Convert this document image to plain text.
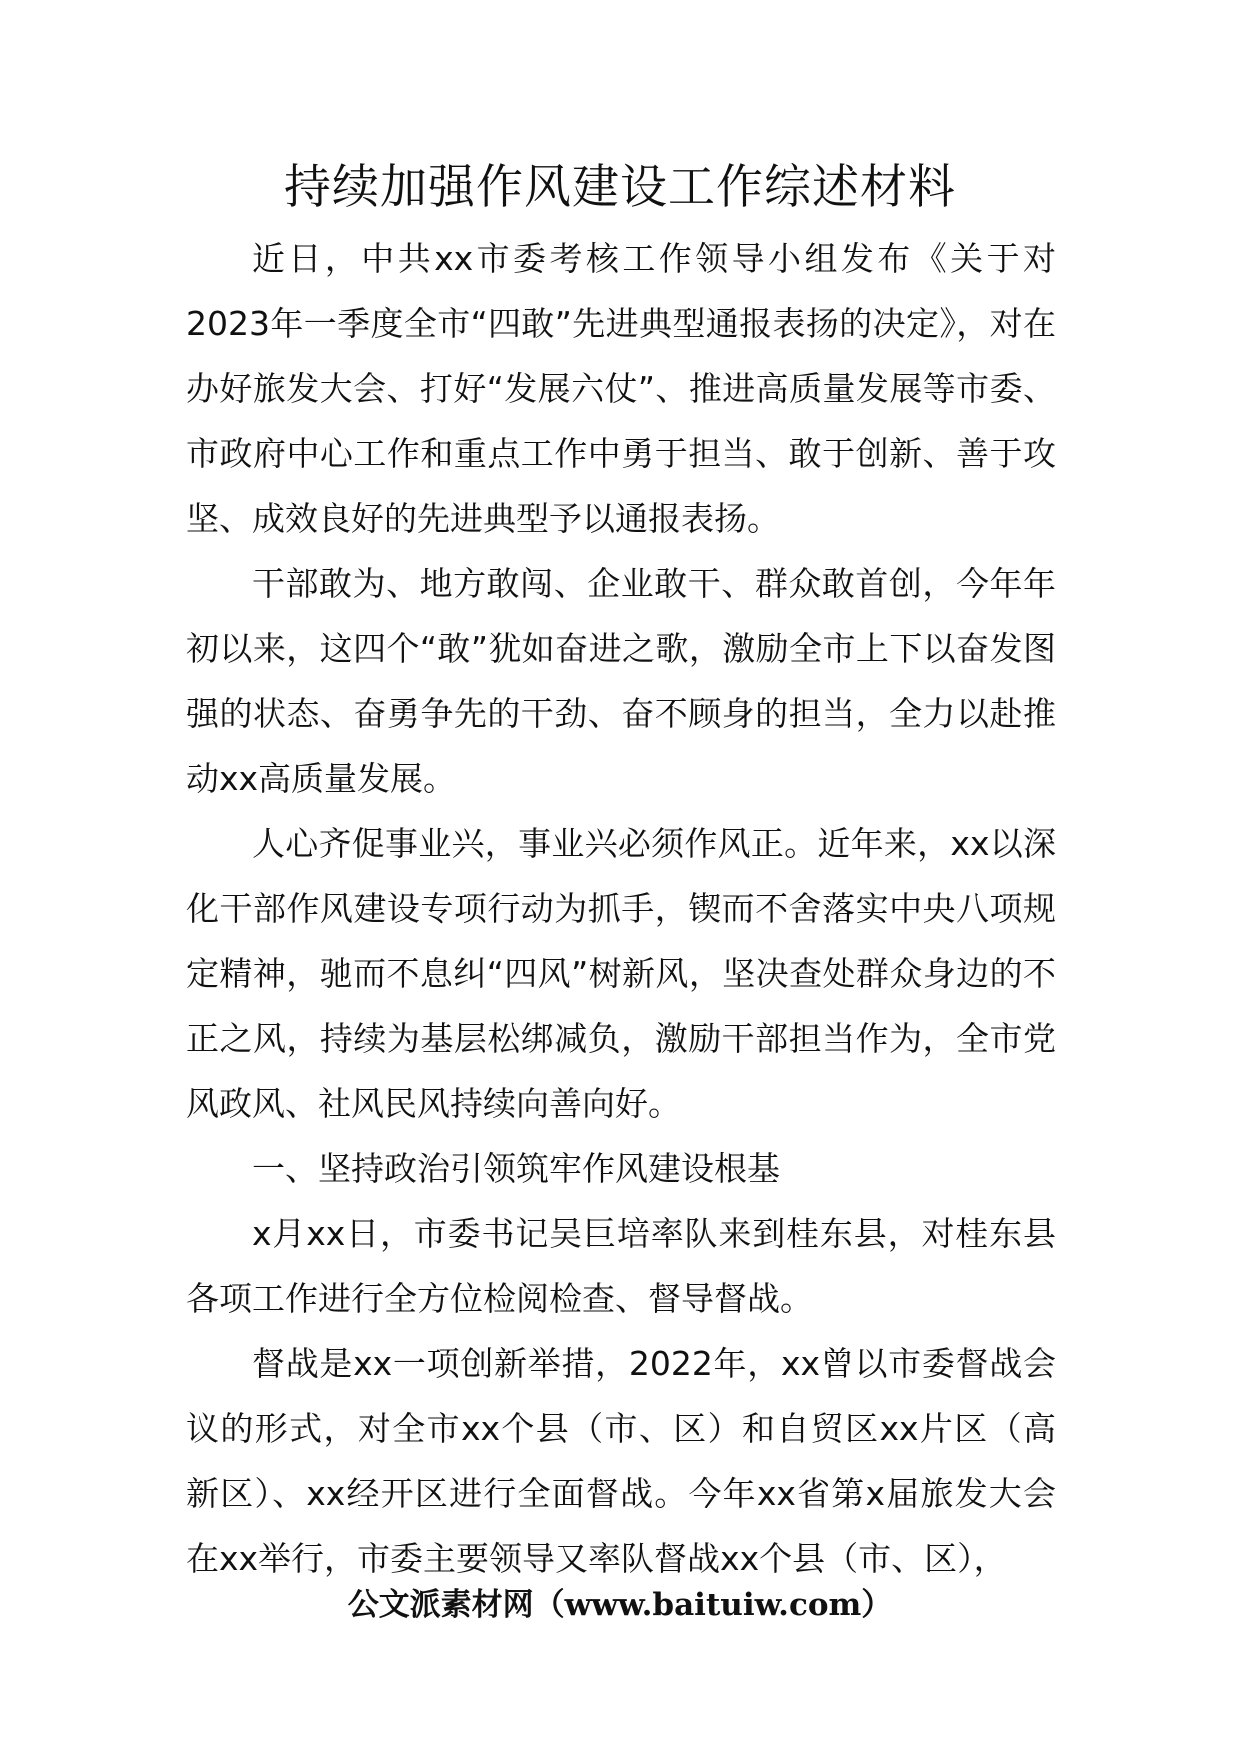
持续加强作风建设工作综述材料

近日，中共xx市委考核工作领导小组发布《关于对2023年一季度全市“四敢”先进典型通报表扬的决定》，对在办好旅发大会、打好“发展六仗”、推进高质量发展等市委、市政府中心工作和重点工作中勇于担当、敢于创新、善于攻坚、成效良好的先进典型予以通报表扬。

干部敢为、地方敢闯、企业敢干、群众敢首创，今年年初以来，这四个“敢”犹如奋进之歌，激励全市上下以奋发图强的状态、奋勇争先的干劲、奋不顾身的担当，全力以赴推动xx高质量发展。

人心齐促事业兴，事业兴必须作风正。近年来，xx以深化干部作风建设专项行动为抓手，锲而不舍落实中央八项规定精神，驰而不息纠“四风”树新风，坚决查处群众身边的不正之风，持续为基层松绑减负，激励干部担当作为，全市党风政风、社风民风持续向善向好。

一、坚持政治引领筑牢作风建设根基

x月xx日，市委书记吴巨培率队来到桂东县，对桂东县各项工作进行全方位检阅检查、督导督战。

督战是xx一项创新举措，2022年，xx曾以市委督战会议的形式，对全市xx个县（市、区）和自贸区xx片区（高新区）、xx经开区进行全面督战。今年xx省第x届旅发大会在xx举行，市委主要领导又率队督战xx个县（市、区），

公文派素材网（www.baituiw.com）
